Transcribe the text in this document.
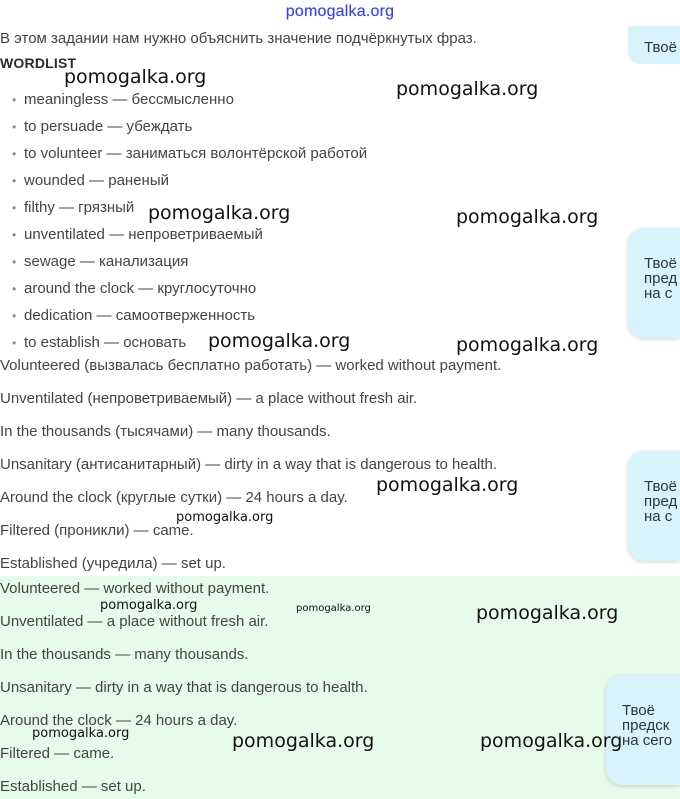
pomogalka.org
В этом задании нам нужно объяснить значение подчёркнутых фраз.
WORDLIST
• meaningless — бессмысленно
• to persuade — убеждать
• to volunteer — заниматься волонтёрской работой
• wounded — раненый
• filthy — грязный
• unventilated — непроветриваемый
• sewage — канализация
• around the clock — круглосуточно
• dedication — самоотверженность
• to establish — основать
Volunteered (вызвалась бесплатно работать) — worked without payment.
Unventilated (непроветриваемый) — a place without fresh air.
In the thousands (тысячами) — many thousands.
Unsanitary (антисанитарный) — dirty in a way that is dangerous to health.
Around the clock (круглые сутки) — 24 hours a day.
Filtered (проникли) — came.
Established (учредила) — set up.
Volunteered — worked without payment.
Unventilated — a place without fresh air.
In the thousands — many thousands.
Unsanitary — dirty in a way that is dangerous to health.
Around the clock — 24 hours a day.
Filtered — came.
Established — set up.
Твоё
Твоё
пред
на с
Твоё
пред
на с
Твоё
предск
на сего
pomogalka.org
pomogalka.org
pomogalka.org	pomogalka.org
pomogalka.org	pomogalka.org
pomogalka.org
pomogalka.org
pomogalka.org	pomogalka.org	pomogalka.org
pomogalka.org	pomogalka.org	pomogalka.org
